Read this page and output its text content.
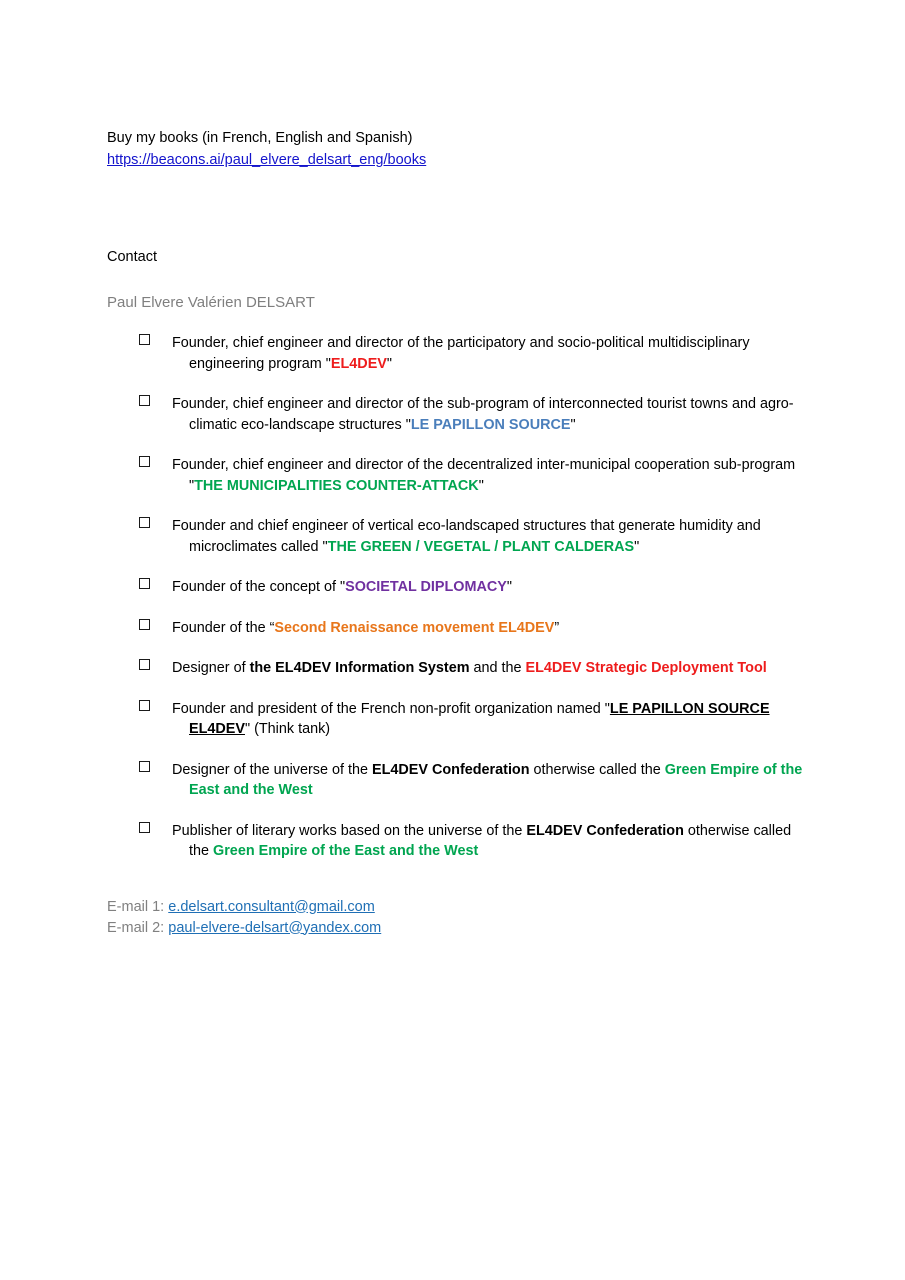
Buy my books (in French, English and Spanish)
https://beacons.ai/paul_elvere_delsart_eng/books
Contact
Paul Elvere Valérien DELSART
Founder, chief engineer and director of the participatory and socio-political multidisciplinary engineering program "EL4DEV"
Founder, chief engineer and director of the sub-program of interconnected tourist towns and agro-climatic eco-landscape structures "LE PAPILLON SOURCE"
Founder, chief engineer and director of the decentralized inter-municipal cooperation sub-program "THE MUNICIPALITIES COUNTER-ATTACK"
Founder and chief engineer of vertical eco-landscaped structures that generate humidity and microclimates called "THE GREEN / VEGETAL / PLANT CALDERAS"
Founder of the concept of "SOCIETAL DIPLOMACY"
Founder of the “Second Renaissance movement EL4DEV”
Designer of the EL4DEV Information System and the EL4DEV Strategic Deployment Tool
Founder and president of the French non-profit organization named "LE PAPILLON SOURCE EL4DEV" (Think tank)
Designer of the universe of the EL4DEV Confederation otherwise called the Green Empire of the East and the West
Publisher of literary works based on the universe of the EL4DEV Confederation otherwise called the Green Empire of the East and the West
E-mail 1: e.delsart.consultant@gmail.com
E-mail 2: paul-elvere-delsart@yandex.com
